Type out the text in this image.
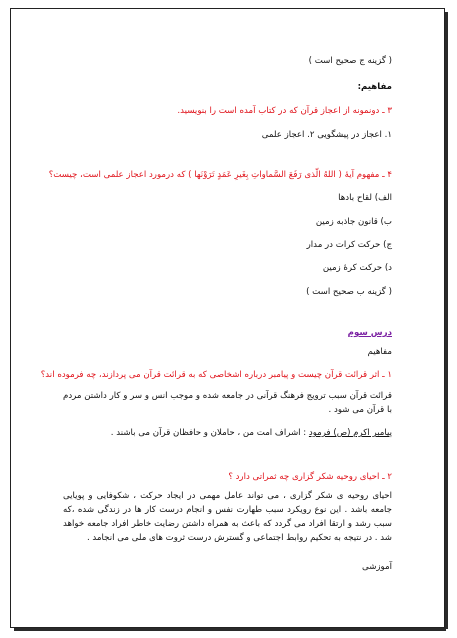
( گزینه ج صحیح است )
مفاهیم:
۳ ـ دونمونه از اعجاز قرآن که در کتاب آمده است را بنویسید.
۱. اعجاز در پیشگویی ۲. اعجاز علمی
۴ ـ مفهوم آیهٔ ( اللهُ الّذی رَفَعَ السَّماواتِ بِغَیرِ عَمَدٍ تَرَوْنَها ) که درمورد اعجاز علمی است، چیست؟
الف) لقاح بادها
ب) قانون جاذبه زمین
ج) حرکت کرات در مدار
د) حرکت کرهٔ زمین
( گزینه ب صحیح است )
درس سوم
مفاهیم
۱ ـ اثر قرائت قرآن چیست و پیامبر درباره اشخاصی که به قرائت قرآن می پردازند، چه فرموده اند؟
قرائت قرآن سبب ترویج فرهنگ قرآنی در جامعه شده و موجب انس و سر و کار داشتن مردم با قرآن می شود .
پیامبر اکرم (ص) فرمود : اشراف امت من ، حاملان و حافظان قرآن می باشند .
۲ ـ احیای روحیه شکر گزاری چه ثمراتی دارد ؟
احیای روحیه ی شکر گزاری ، می تواند عامل مهمی در ایجاد حرکت ، شکوفایی و پویایی جامعه باشد . این نوع رویکرد سبب طهارت نفس و انجام درست کار ها در زندگی شده ،که سبب رشد و ارتقا افراد می گردد که باعث به همراه داشتن رضایت خاطر افراد جامعه خواهد شد . در نتیجه به تحکیم روابط اجتماعی و گسترش درست ثروت های ملی می انجامد .
آموزشی
